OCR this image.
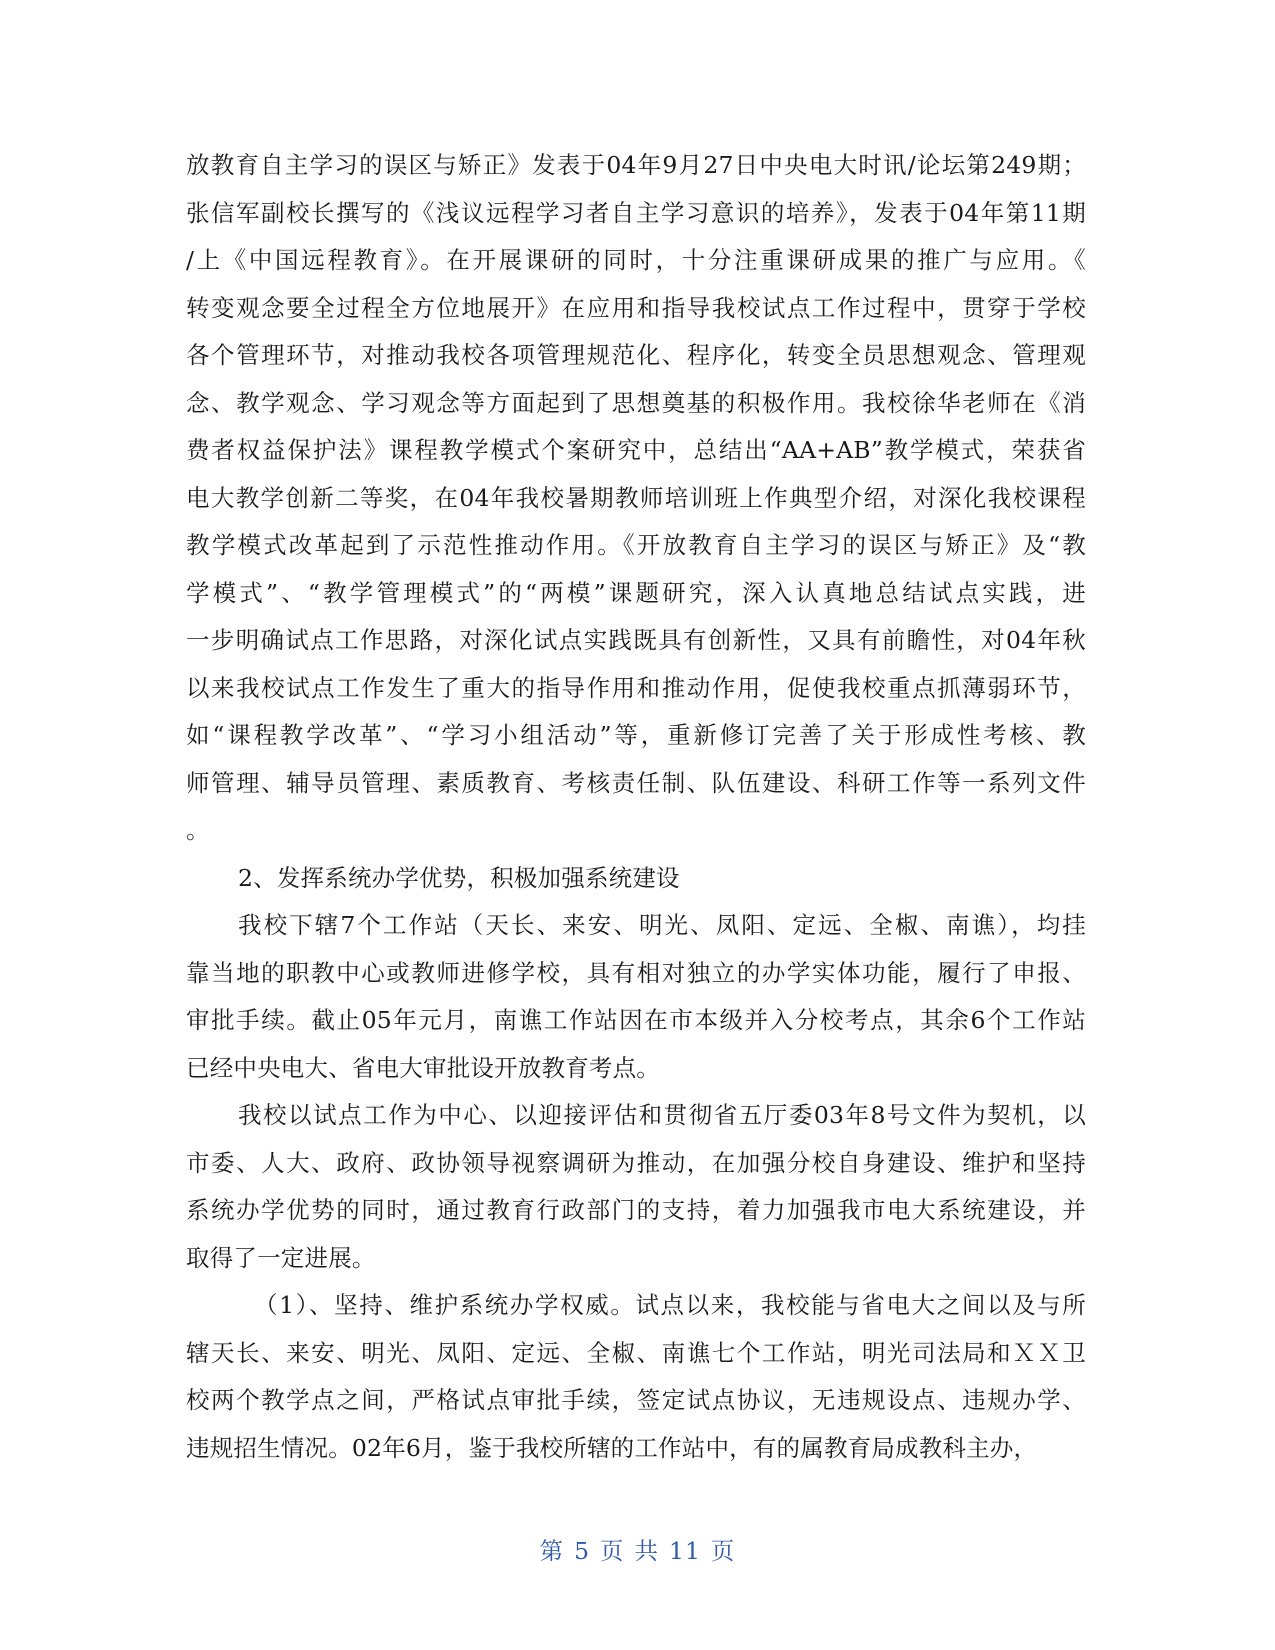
放教育自主学习的误区与矫正》发表于04年9月27日中央电大时讯/论坛第249期；
张信军副校长撰写的《浅议远程学习者自主学习意识的培养》，发表于04年第11期
/上《中国远程教育》。在开展课研的同时，十分注重课研成果的推广与应用。《
转变观念要全过程全方位地展开》在应用和指导我校试点工作过程中，贯穿于学校
各个管理环节，对推动我校各项管理规范化、程序化，转变全员思想观念、管理观
念、教学观念、学习观念等方面起到了思想奠基的积极作用。我校徐华老师在《消
费者权益保护法》课程教学模式个案研究中，总结出“AA+AB”教学模式，荣获省
电大教学创新二等奖，在04年我校暑期教师培训班上作典型介绍，对深化我校课程
教学模式改革起到了示范性推动作用。《开放教育自主学习的误区与矫正》及“教
学模式”、“教学管理模式”的“两模”课题研究，深入认真地总结试点实践，进
一步明确试点工作思路，对深化试点实践既具有创新性，又具有前瞻性，对04年秋
以来我校试点工作发生了重大的指导作用和推动作用，促使我校重点抓薄弱环节，
如“课程教学改革”、“学习小组活动”等，重新修订完善了关于形成性考核、教
师管理、辅导员管理、素质教育、考核责任制、队伍建设、科研工作等一系列文件
。
2、发挥系统办学优势，积极加强系统建设
我校下辖7个工作站（天长、来安、明光、凤阳、定远、全椒、南谯），均挂
靠当地的职教中心或教师进修学校，具有相对独立的办学实体功能，履行了申报、
审批手续。截止05年元月，南谯工作站因在市本级并入分校考点，其余6个工作站
已经中央电大、省电大审批设开放教育考点。
我校以试点工作为中心、以迎接评估和贯彻省五厅委03年8号文件为契机，以
市委、人大、政府、政协领导视察调研为推动，在加强分校自身建设、维护和坚持
系统办学优势的同时，通过教育行政部门的支持，着力加强我市电大系统建设，并
取得了一定进展。
（1）、坚持、维护系统办学权威。试点以来，我校能与省电大之间以及与所
辖天长、来安、明光、凤阳、定远、全椒、南谯七个工作站，明光司法局和ＸＸ卫
校两个教学点之间，严格试点审批手续，签定试点协议，无违规设点、违规办学、
违规招生情况。02年6月，鉴于我校所辖的工作站中，有的属教育局成教科主办，
第 5 页 共 11 页
